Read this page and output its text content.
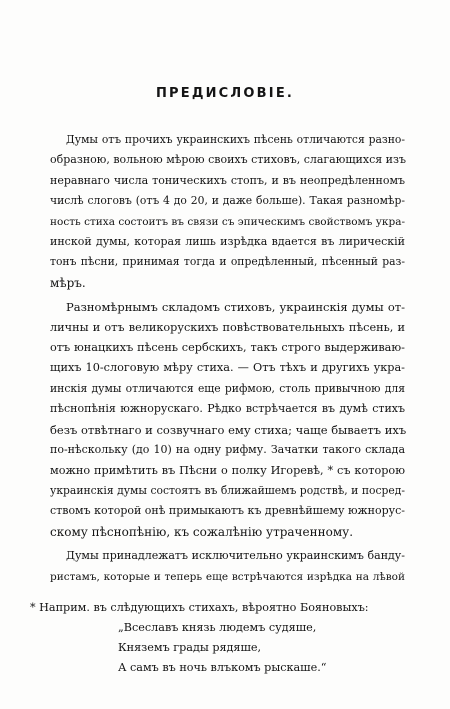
ПРЕДИСЛОВIЕ.
Думы отъ прочихъ украинскихъ пѣсень отличаются разно-
образною, вольною мѣрою своихъ стиховъ, слагающихся изъ
неравнаго числа тоническихъ стопъ, и въ неопредѣленномъ
числѣ слоговъ (отъ 4 до 20, и даже больше). Такая разномѣр-
ность стиха состоитъ въ связи съ эпическимъ свойствомъ укра-
инской думы, которая лишь изрѣдка вдается въ лирическiй
тонъ пѣсни, принимая тогда и опредѣленный, пѣсенный раз-
мѣръ.
Разномѣрнымъ складомъ стиховъ, украинскiя думы от-
личны и отъ великорускихъ повѣствовательныхъ пѣсень, и
отъ юнацкихъ пѣсень сербскихъ, такъ строго выдерживаю-
щихъ 10-слоговую мѣру стиха. — Отъ тѣхъ и другихъ укра-
инскiя думы отличаются еще рифмою, столь привычною для
пѣснопѣнiя южнорускаго. Рѣдко встрѣчается въ думѣ стихъ
безъ отвѣтнаго и созвучнаго ему стиха; чаще бываетъ ихъ
по-нѣскольку (до 10) на одну рифму. Зачатки такого склада
можно примѣтить въ Пѣсни о полку Игоревѣ, * съ которою
украинскiя думы состоятъ въ ближайшемъ родствѣ, и посред-
ствомъ которой онѣ примыкаютъ къ древнѣйшему южнорус-
скому пѣснопѣнiю, къ сожалѣнiю утраченному.
Думы принадлежатъ исключительно украинскимъ банду-
ристамъ, которые и теперь еще встрѣчаются изрѣдка на лѣвой
* Наприм. въ слѣдующихъ стихахъ, вѣроятно Бояновыхъ:
„Всеславъ князь людемъ судяше,
Княземъ грады рядяше,
А самъ въ ночь влъкомъ рыскаше.“
